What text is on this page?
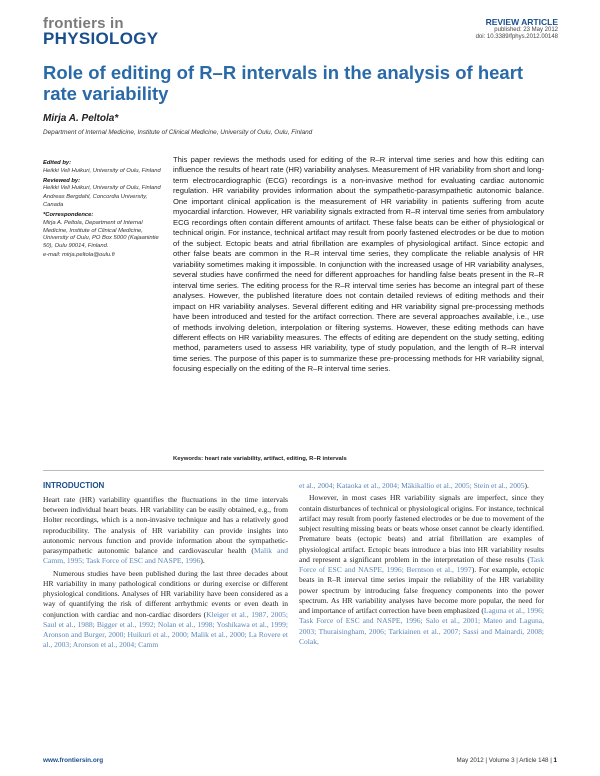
frontiers in
PHYSIOLOGY
REVIEW ARTICLE
published: 23 May 2012
doi: 10.3389/fphys.2012.00148
Role of editing of R–R intervals in the analysis of heart rate variability
Mirja A. Peltola*
Department of Internal Medicine, Institute of Clinical Medicine, University of Oulu, Oulu, Finland
Edited by:
Heikki Veli Huikuri, University of Oulu, Finland
Reviewed by:
Heikki Veli Huikuri, University of Oulu, Finland
Andreas Bergdahl, Concordia University, Canada
*Correspondence:
Mirja A. Peltola, Department of Internal Medicine, Institute of Clinical Medicine, University of Oulu, PO Box 5000 (Kajaanintie 50), Oulu 90014, Finland.
e-mail: mirja.peltola@oulu.fi
This paper reviews the methods used for editing of the R–R interval time series and how this editing can influence the results of heart rate (HR) variability analyses. Measurement of HR variability from short and long-term electrocardiographic (ECG) recordings is a non-invasive method for evaluating cardiac autonomic regulation. HR variability provides information about the sympathetic-parasympathetic autonomic balance. One important clinical application is the measurement of HR variability in patients suffering from acute myocardial infarction. However, HR variability signals extracted from R–R interval time series from ambulatory ECG recordings often contain different amounts of artifact. These false beats can be either of physiological or technical origin. For instance, technical artifact may result from poorly fastened electrodes or be due to motion of the subject. Ectopic beats and atrial fibrillation are examples of physiological artifact. Since ectopic and other false beats are common in the R–R interval time series, they complicate the reliable analysis of HR variability sometimes making it impossible. In conjunction with the increased usage of HR variability analyses, several studies have confirmed the need for different approaches for handling false beats present in the R–R interval time series. The editing process for the R–R interval time series has become an integral part of these analyses. However, the published literature does not contain detailed reviews of editing methods and their impact on HR variability analyses. Several different editing and HR variability signal pre-processing methods have been introduced and tested for the artifact correction. There are several approaches available, i.e., use of methods involving deletion, interpolation or filtering systems. However, these editing methods can have different effects on HR variability measures. The effects of editing are dependent on the study setting, editing method, parameters used to assess HR variability, type of study population, and the length of R–R interval time series. The purpose of this paper is to summarize these pre-processing methods for HR variability signal, focusing especially on the editing of the R–R interval time series.
Keywords: heart rate variability, artifact, editing, R–R intervals
INTRODUCTION

Heart rate (HR) variability quantifies the fluctuations in the time intervals between individual heart beats. HR variability can be easily obtained, e.g., from Holter recordings, which is a non-invasive technique and has a relatively good reproducibility. The analysis of HR variability can provide insights into autonomic nervous function and provide information about the sympathetic-parasympathetic autonomic balance and cardiovascular health (Malik and Camm, 1995; Task Force of ESC and NASPE, 1996).

Numerous studies have been published during the last three decades about HR variability in many pathological conditions or during exercise or different physiological conditions. Analyses of HR variability have been considered as a way of quantifying the risk of different arrhythmic events or even death in conjunction with cardiac and non-cardiac disorders (Kleiger et al., 1987, 2005; Saul et al., 1988; Bigger et al., 1992; Nolan et al., 1998; Yoshikawa et al., 1999; Aronson and Burger, 2000; Huikuri et al., 2000; Malik et al., 2000; La Rovere et al., 2003; Aronson et al., 2004; Camm

et al., 2004; Kataoka et al., 2004; Mäkikallio et al., 2005; Stein et al., 2005).

However, in most cases HR variability signals are imperfect, since they contain disturbances of technical or physiological origins. For instance, technical artifact may result from poorly fastened electrodes or be due to movement of the subject resulting missing beats or beats whose onset cannot be clearly identified. Premature beats (ectopic beats) and atrial fibrillation are examples of physiological artifact. Ectopic beats introduce a bias into HR variability results and represent a significant problem in the interpretation of these results (Task Force of ESC and NASPE, 1996; Berntson et al., 1997). For example, ectopic beats in R–R interval time series impair the reliability of the HR variability power spectrum by introducing false frequency components into the power spectrum. As HR variability analyses have become more popular, the need for and importance of artifact correction have been emphasized (Laguna et al., 1996; Task Force of ESC and NASPE, 1996; Salo et al., 2001; Mateo and Laguna, 2003; Thuraisingham, 2006; Tarkiainen et al., 2007; Sassi and Mainardi, 2008; Colak,

www.frontiersin.org	May 2012 | Volume 3 | Article 148 | 1
